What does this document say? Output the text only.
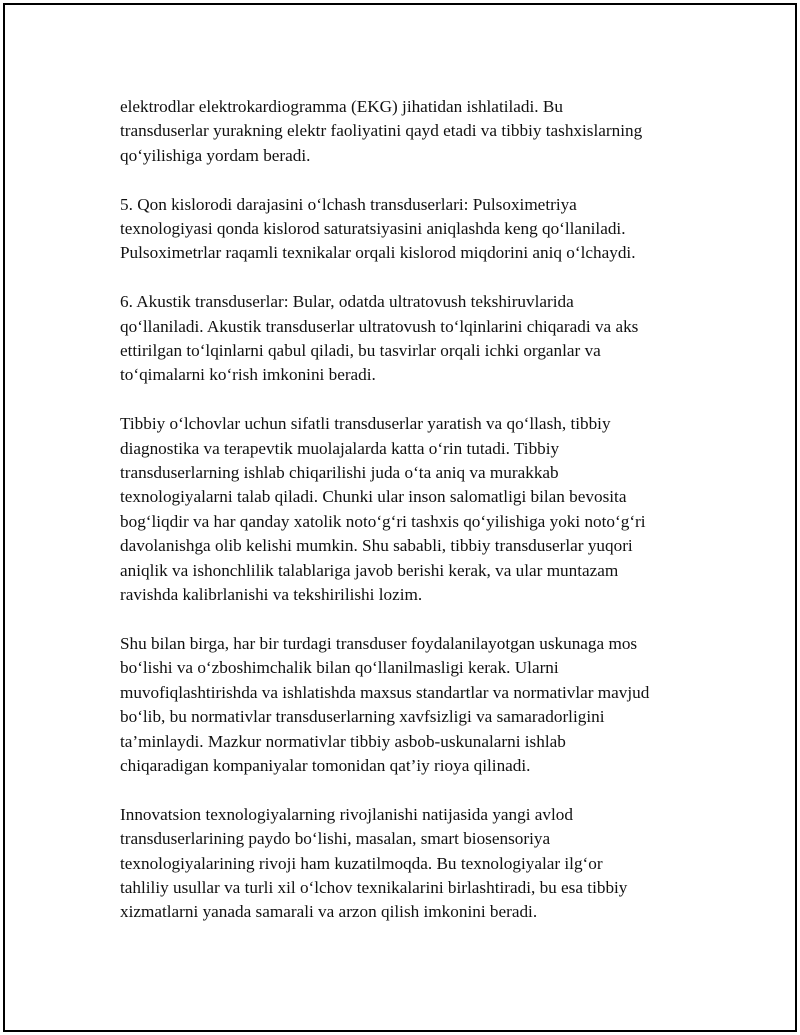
elektrodlar elektrokardiogramma (EKG) jihatidan ishlatiladi. Bu
transduserlar yurakning elektr faoliyatini qayd etadi va tibbiy tashxislarning
qo‘yilishiga yordam beradi.

5. Qon kislorodi darajasini o‘lchash transduserlari: Pulsoximetriya
texnologiyasi qonda kislorod saturatsiyasini aniqlashda keng qo‘llaniladi.
Pulsoximetrlar raqamli texnikalar orqali kislorod miqdorini aniq o‘lchaydi.

6. Akustik transduserlar: Bular, odatda ultratovush tekshiruvlarida
qo‘llaniladi. Akustik transduserlar ultratovush to‘lqinlarini chiqaradi va aks
ettirilgan to‘lqinlarni qabul qiladi, bu tasvirlar orqali ichki organlar va
to‘qimalarni ko‘rish imkonini beradi.

Tibbiy o‘lchovlar uchun sifatli transduserlar yaratish va qo‘llash, tibbiy
diagnostika va terapevtik muolajalarda katta o‘rin tutadi. Tibbiy
transduserlarning ishlab chiqarilishi juda o‘ta aniq va murakkab
texnologiyalarni talab qiladi. Chunki ular inson salomatligi bilan bevosita
bog‘liqdir va har qanday xatolik noto‘g‘ri tashxis qo‘yilishiga yoki noto‘g‘ri
davolanishga olib kelishi mumkin. Shu sababli, tibbiy transduserlar yuqori
aniqlik va ishonchlilik talablariga javob berishi kerak, va ular muntazam
ravishda kalibrlanishi va tekshirilishi lozim.

Shu bilan birga, har bir turdagi transduser foydalanilayotgan uskunaga mos
bo‘lishi va o‘zboshimchalik bilan qo‘llanilmasligi kerak. Ularni
muvofiqlashtirishda va ishlatishda maxsus standartlar va normativlar mavjud
bo‘lib, bu normativlar transduserlarning xavfsizligi va samaradorligini
ta’minlaydi. Mazkur normativlar tibbiy asbob-uskunalarni ishlab
chiqaradigan kompaniyalar tomonidan qat’iy rioya qilinadi.

Innovatsion texnologiyalarning rivojlanishi natijasida yangi avlod
transduserlarining paydo bo‘lishi, masalan, smart biosensoriya
texnologiyalarining rivoji ham kuzatilmoqda. Bu texnologiyalar ilg‘or
tahliliy usullar va turli xil o‘lchov texnikalarini birlashtiradi, bu esa tibbiy
xizmatlarni yanada samarali va arzon qilish imkonini beradi.
